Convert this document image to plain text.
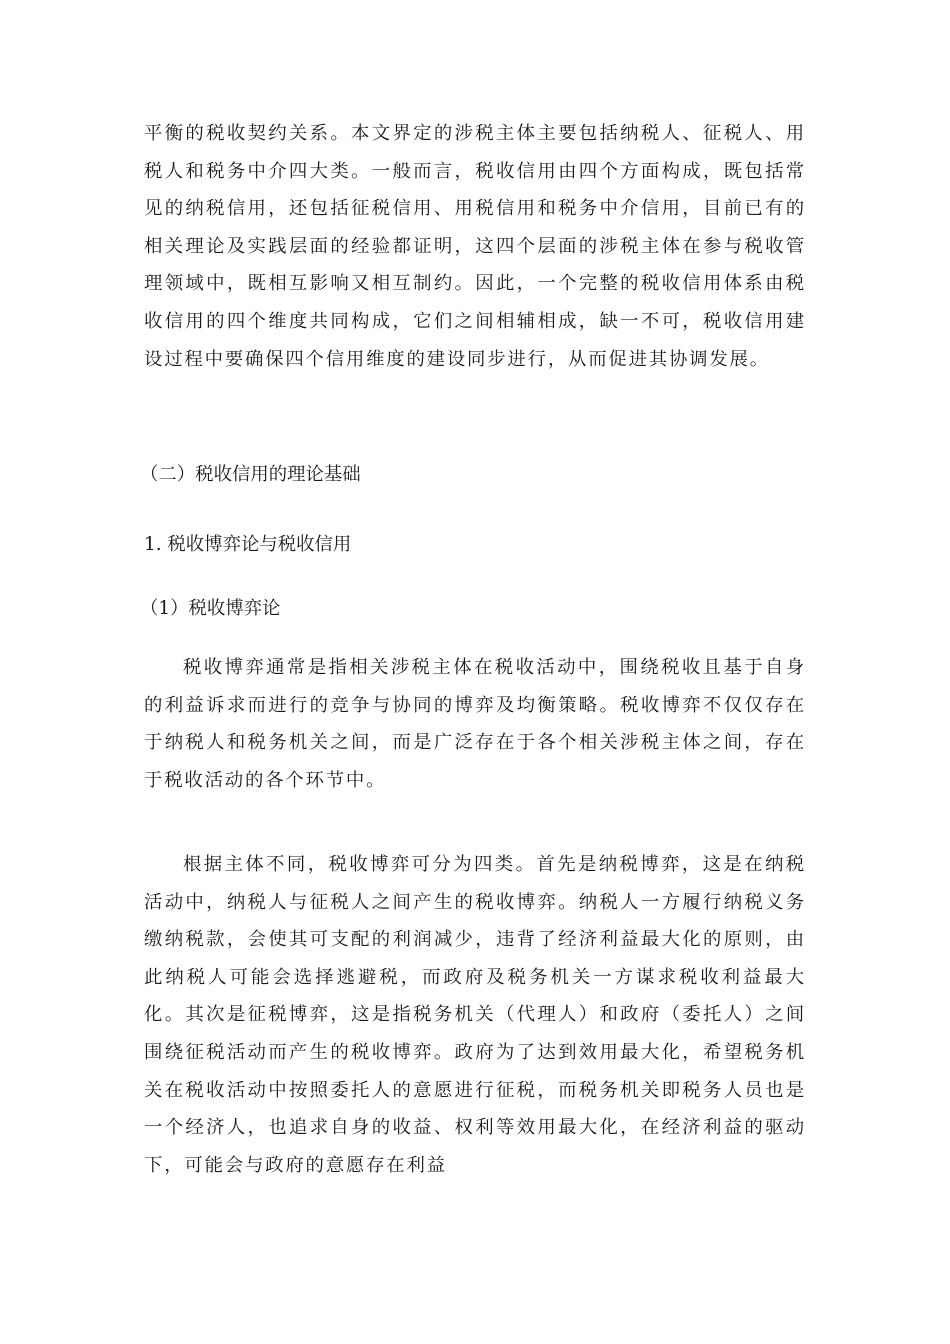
平衡的税收契约关系。本文界定的涉税主体主要包括纳税人、征税人、用税人和税务中介四大类。一般而言，税收信用由四个方面构成，既包括常见的纳税信用，还包括征税信用、用税信用和税务中介信用，目前已有的相关理论及实践层面的经验都证明，这四个层面的涉税主体在参与税收管理领域中，既相互影响又相互制约。因此，一个完整的税收信用体系由税收信用的四个维度共同构成，它们之间相辅相成，缺一不可，税收信用建设过程中要确保四个信用维度的建设同步进行，从而促进其协调发展。

（二）税收信用的理论基础

1. 税收博弈论与税收信用

（1）税收博弈论

税收博弈通常是指相关涉税主体在税收活动中，围绕税收且基于自身的利益诉求而进行的竞争与协同的博弈及均衡策略。税收博弈不仅仅存在于纳税人和税务机关之间，而是广泛存在于各个相关涉税主体之间，存在于税收活动的各个环节中。

根据主体不同，税收博弈可分为四类。首先是纳税博弈，这是在纳税活动中，纳税人与征税人之间产生的税收博弈。纳税人一方履行纳税义务缴纳税款，会使其可支配的利润减少，违背了经济利益最大化的原则，由此纳税人可能会选择逃避税，而政府及税务机关一方谋求税收利益最大化。其次是征税博弈，这是指税务机关（代理人）和政府（委托人）之间围绕征税活动而产生的税收博弈。政府为了达到效用最大化，希望税务机关在税收活动中按照委托人的意愿进行征税，而税务机关即税务人员也是一个经济人，也追求自身的收益、权利等效用最大化，在经济利益的驱动下，可能会与政府的意愿存在利益
